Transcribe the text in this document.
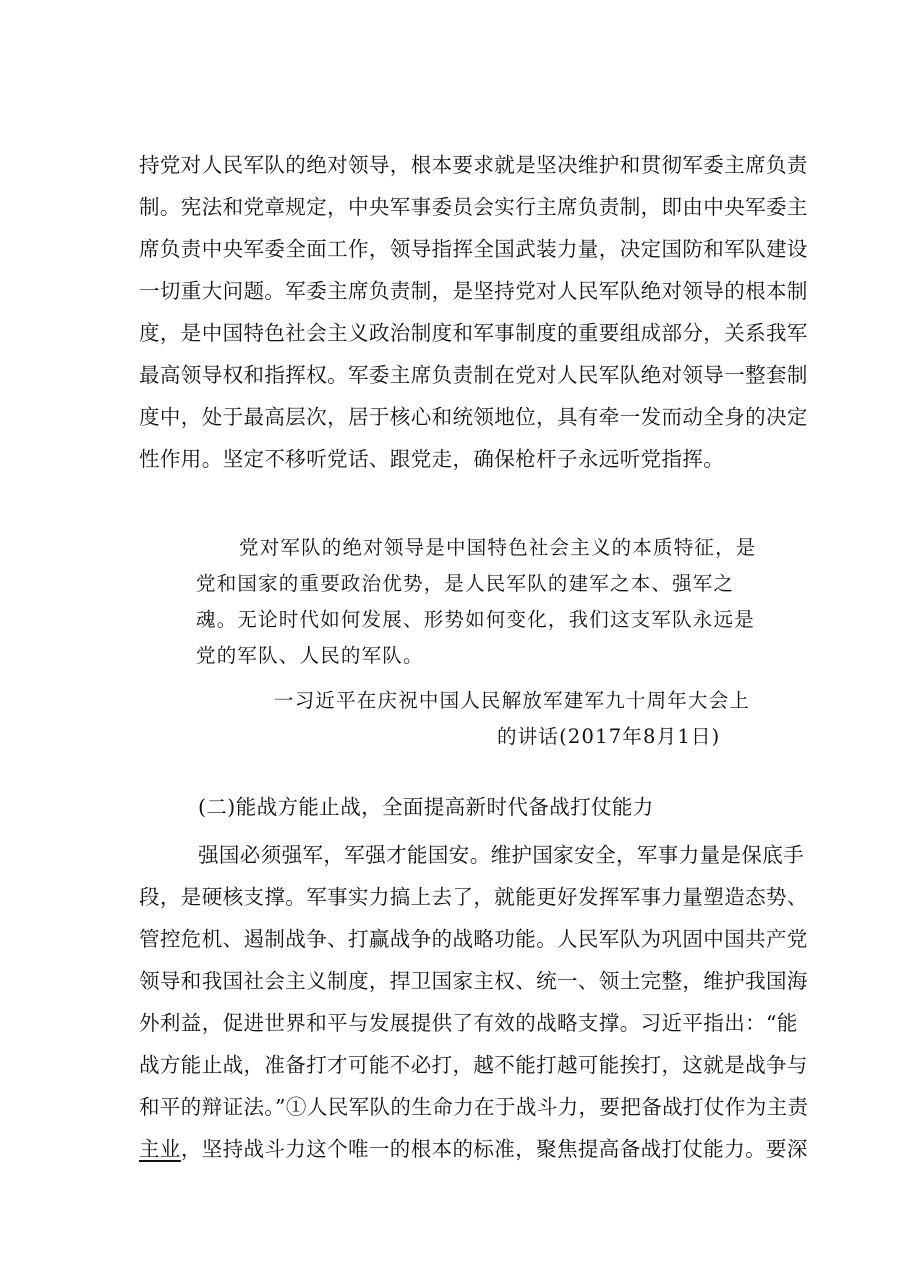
持党对人民军队的绝对领导，根本要求就是坚决维护和贯彻军委主席负责
制。宪法和党章规定，中央军事委员会实行主席负责制，即由中央军委主
席负责中央军委全面工作，领导指挥全国武装力量，决定国防和军队建设
一切重大问题。军委主席负责制，是坚持党对人民军队绝对领导的根本制
度，是中国特色社会主义政治制度和军事制度的重要组成部分，关系我军
最高领导权和指挥权。军委主席负责制在党对人民军队绝对领导一整套制
度中，处于最高层次，居于核心和统领地位，具有牵一发而动全身的决定
性作用。坚定不移听党话、跟党走，确保枪杆子永远听党指挥。
党对军队的绝对领导是中国特色社会主义的本质特征，是
党和国家的重要政治优势，是人民军队的建军之本、强军之
魂。无论时代如何发展、形势如何变化，我们这支军队永远是
党的军队、人民的军队。
一习近平在庆祝中国人民解放军建军九十周年大会上
的讲话(2017年8月1日)
(二)能战方能止战，全面提高新时代备战打仗能力
强国必须强军，军强才能国安。维护国家安全，军事力量是保底手
段，是硬核支撑。军事实力搞上去了，就能更好发挥军事力量塑造态势、
管控危机、遏制战争、打赢战争的战略功能。人民军队为巩固中国共产党
领导和我国社会主义制度，捍卫国家主权、统一、领土完整，维护我国海
外利益，促进世界和平与发展提供了有效的战略支撑。习近平指出：“能
战方能止战，准备打才可能不必打，越不能打越可能挨打，这就是战争与
和平的辩证法。”①人民军队的生命力在于战斗力，要把备战打仗作为主责
主业，坚持战斗力这个唯一的根本的标准，聚焦提高备战打仗能力。要深
